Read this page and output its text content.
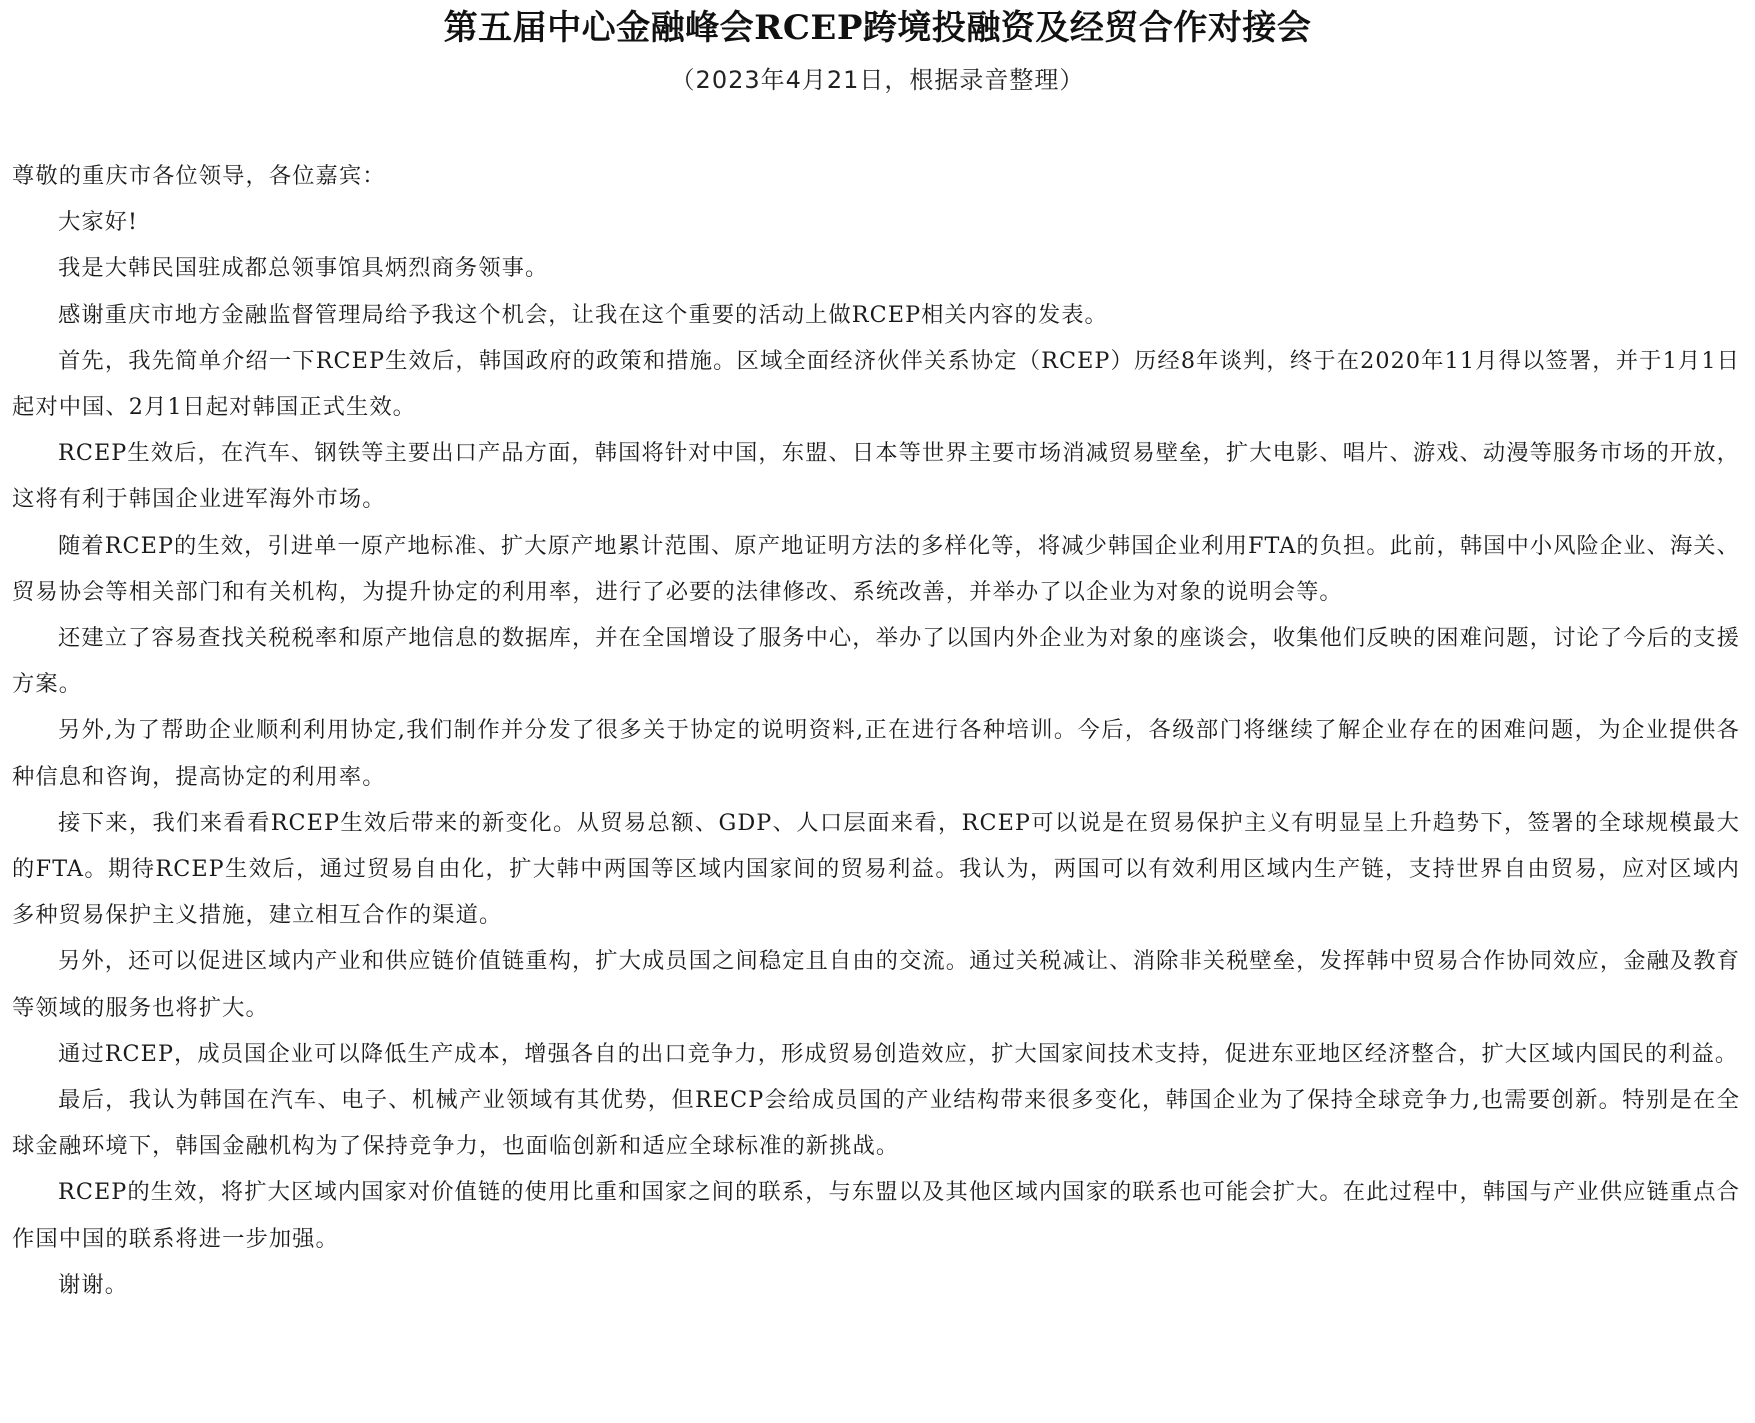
第五届中心金融峰会RCEP跨境投融资及经贸合作对接会
（2023年4月21日，根据录音整理）

尊敬的重庆市各位领导，各位嘉宾：

大家好!

我是大韩民国驻成都总领事馆具炳烈商务领事。

感谢重庆市地方金融监督管理局给予我这个机会，让我在这个重要的活动上做RCEP相关内容的发表。

首先，我先简单介绍一下RCEP生效后，韩国政府的政策和措施。区域全面经济伙伴关系协定（RCEP）历经8年谈判，终于在2020年11月得以签署，并于1月1日起对中国、2月1日起对韩国正式生效。

RCEP生效后，在汽车、钢铁等主要出口产品方面，韩国将针对中国，东盟、日本等世界主要市场消减贸易壁垒，扩大电影、唱片、游戏、动漫等服务市场的开放，这将有利于韩国企业进军海外市场。

随着RCEP的生效，引进单一原产地标准、扩大原产地累计范围、原产地证明方法的多样化等，将减少韩国企业利用FTA的负担。此前，韩国中小风险企业、海关、贸易协会等相关部门和有关机构，为提升协定的利用率，进行了必要的法律修改、系统改善，并举办了以企业为对象的说明会等。

还建立了容易查找关税税率和原产地信息的数据库，并在全国增设了服务中心，举办了以国内外企业为对象的座谈会，收集他们反映的困难问题，讨论了今后的支援方案。

另外,为了帮助企业顺利利用协定,我们制作并分发了很多关于协定的说明资料,正在进行各种培训。今后，各级部门将继续了解企业存在的困难问题，为企业提供各种信息和咨询，提高协定的利用率。

接下来，我们来看看RCEP生效后带来的新变化。从贸易总额、GDP、人口层面来看，RCEP可以说是在贸易保护主义有明显呈上升趋势下，签署的全球规模最大的FTA。期待RCEP生效后，通过贸易自由化，扩大韩中两国等区域内国家间的贸易利益。我认为，两国可以有效利用区域内生产链，支持世界自由贸易，应对区域内多种贸易保护主义措施，建立相互合作的渠道。

另外，还可以促进区域内产业和供应链价值链重构，扩大成员国之间稳定且自由的交流。通过关税减让、消除非关税壁垒，发挥韩中贸易合作协同效应，金融及教育等领域的服务也将扩大。

通过RCEP，成员国企业可以降低生产成本，增强各自的出口竞争力，形成贸易创造效应，扩大国家间技术支持，促进东亚地区经济整合，扩大区域内国民的利益。

最后，我认为韩国在汽车、电子、机械产业领域有其优势，但RECP会给成员国的产业结构带来很多变化，韩国企业为了保持全球竞争力,也需要创新。特别是在全球金融环境下，韩国金融机构为了保持竞争力，也面临创新和适应全球标准的新挑战。

RCEP的生效，将扩大区域内国家对价值链的使用比重和国家之间的联系，与东盟以及其他区域内国家的联系也可能会扩大。在此过程中，韩国与产业供应链重点合作国中国的联系将进一步加强。

谢谢。
